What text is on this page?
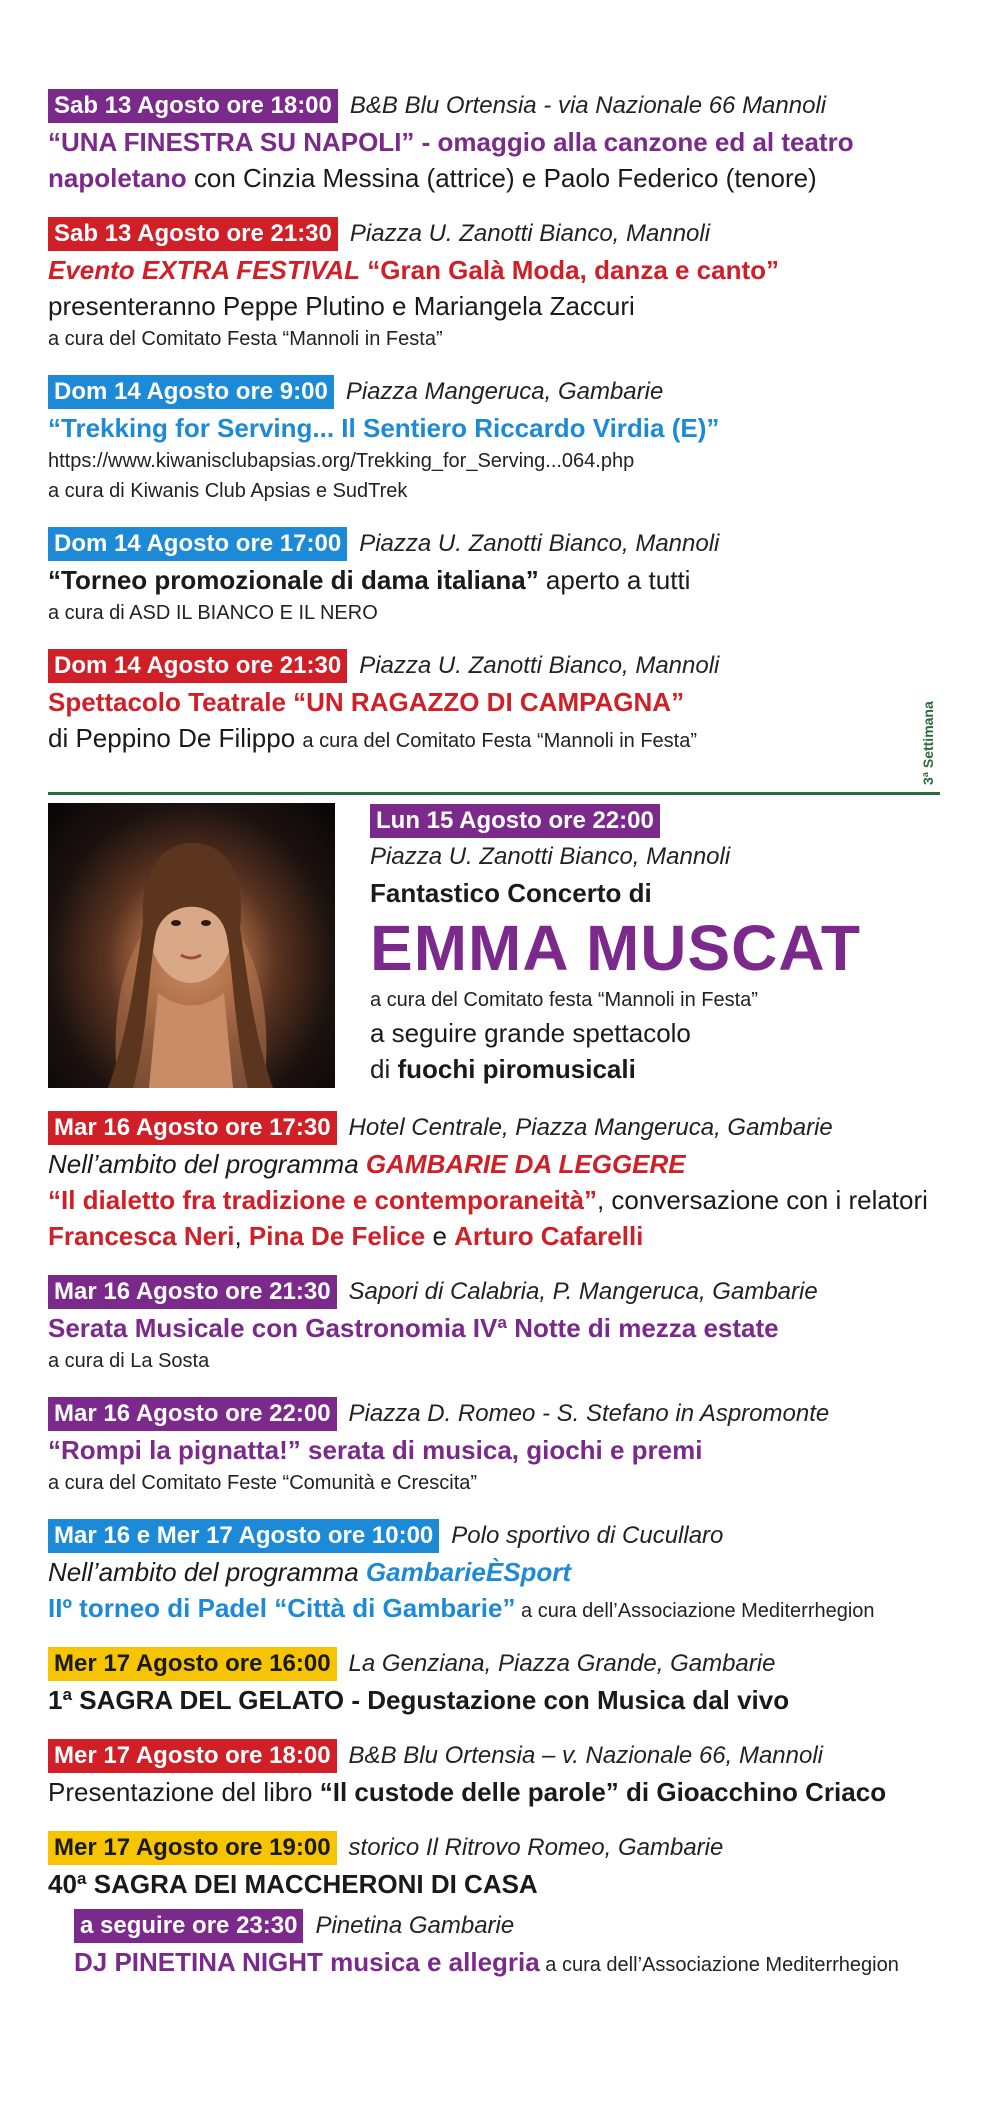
Sab 13 Agosto ore 18:00 B&B Blu Ortensia - via Nazionale 66 Mannoli
“UNA FINESTRA SU NAPOLI” - omaggio alla canzone ed al teatro napoletano con Cinzia Messina (attrice) e Paolo Federico (tenore)
Sab 13 Agosto ore 21:30 Piazza U. Zanotti Bianco, Mannoli
Evento EXTRA FESTIVAL “Gran Galà Moda, danza e canto”
presenteranno Peppe Plutino e Mariangela Zaccuri
a cura del Comitato Festa “Mannoli in Festa”
Dom 14 Agosto ore 9:00 Piazza Mangeruca, Gambarie
“Trekking for Serving... Il Sentiero Riccardo Virdia (E)”
https://www.kiwanisclubapsias.org/Trekking_for_Serving...064.php
a cura di Kiwanis Club Apsias e SudTrek
Dom 14 Agosto ore 17:00 Piazza U. Zanotti Bianco, Mannoli
“Torneo promozionale di dama italiana” aperto a tutti
a cura di ASD IL BIANCO E IL NERO
Dom 14 Agosto ore 21:30 Piazza U. Zanotti Bianco, Mannoli
Spettacolo Teatrale “UN RAGAZZO DI CAMPAGNA”
di Peppino De Filippo a cura del Comitato Festa “Mannoli in Festa”	3ª Settimana
Lun 15 Agosto ore 22:00
Piazza U. Zanotti Bianco, Mannoli
Fantastico Concerto di
EMMA MUSCAT
a cura del Comitato festa “Mannoli in Festa”
a seguire grande spettacolo
di fuochi piromusicali
Mar 16 Agosto ore 17:30 Hotel Centrale, Piazza Mangeruca, Gambarie
Nell’ambito del programma GAMBARIE DA LEGGERE
“Il dialetto fra tradizione e contemporaneità”, conversazione con i relatori Francesca Neri, Pina De Felice e Arturo Cafarelli
Mar 16 Agosto ore 21:30 Sapori di Calabria, P. Mangeruca, Gambarie
Serata Musicale con Gastronomia IVª Notte di mezza estate
a cura di La Sosta
Mar 16 Agosto ore 22:00 Piazza D. Romeo - S. Stefano in Aspromonte
“Rompi la pignatta!” serata di musica, giochi e premi
a cura del Comitato Feste “Comunità e Crescita”
Mar 16 e Mer 17 Agosto ore 10:00 Polo sportivo di Cucullaro
Nell’ambito del programma GambarieÈSport
IIº torneo di Padel “Città di Gambarie” a cura dell’Associazione Mediterrhegion
Mer 17 Agosto ore 16:00 La Genziana, Piazza Grande, Gambarie
1ª SAGRA DEL GELATO - Degustazione con Musica dal vivo
Mer 17 Agosto ore 18:00 B&B Blu Ortensia – v. Nazionale 66, Mannoli
Presentazione del libro “Il custode delle parole” di Gioacchino Criaco
Mer 17 Agosto ore 19:00 storico Il Ritrovo Romeo, Gambarie
40ª SAGRA DEI MACCHERONI DI CASA
a seguire ore 23:30 Pinetina Gambarie
DJ PINETINA NIGHT musica e allegria a cura dell’Associazione Mediterrhegion
